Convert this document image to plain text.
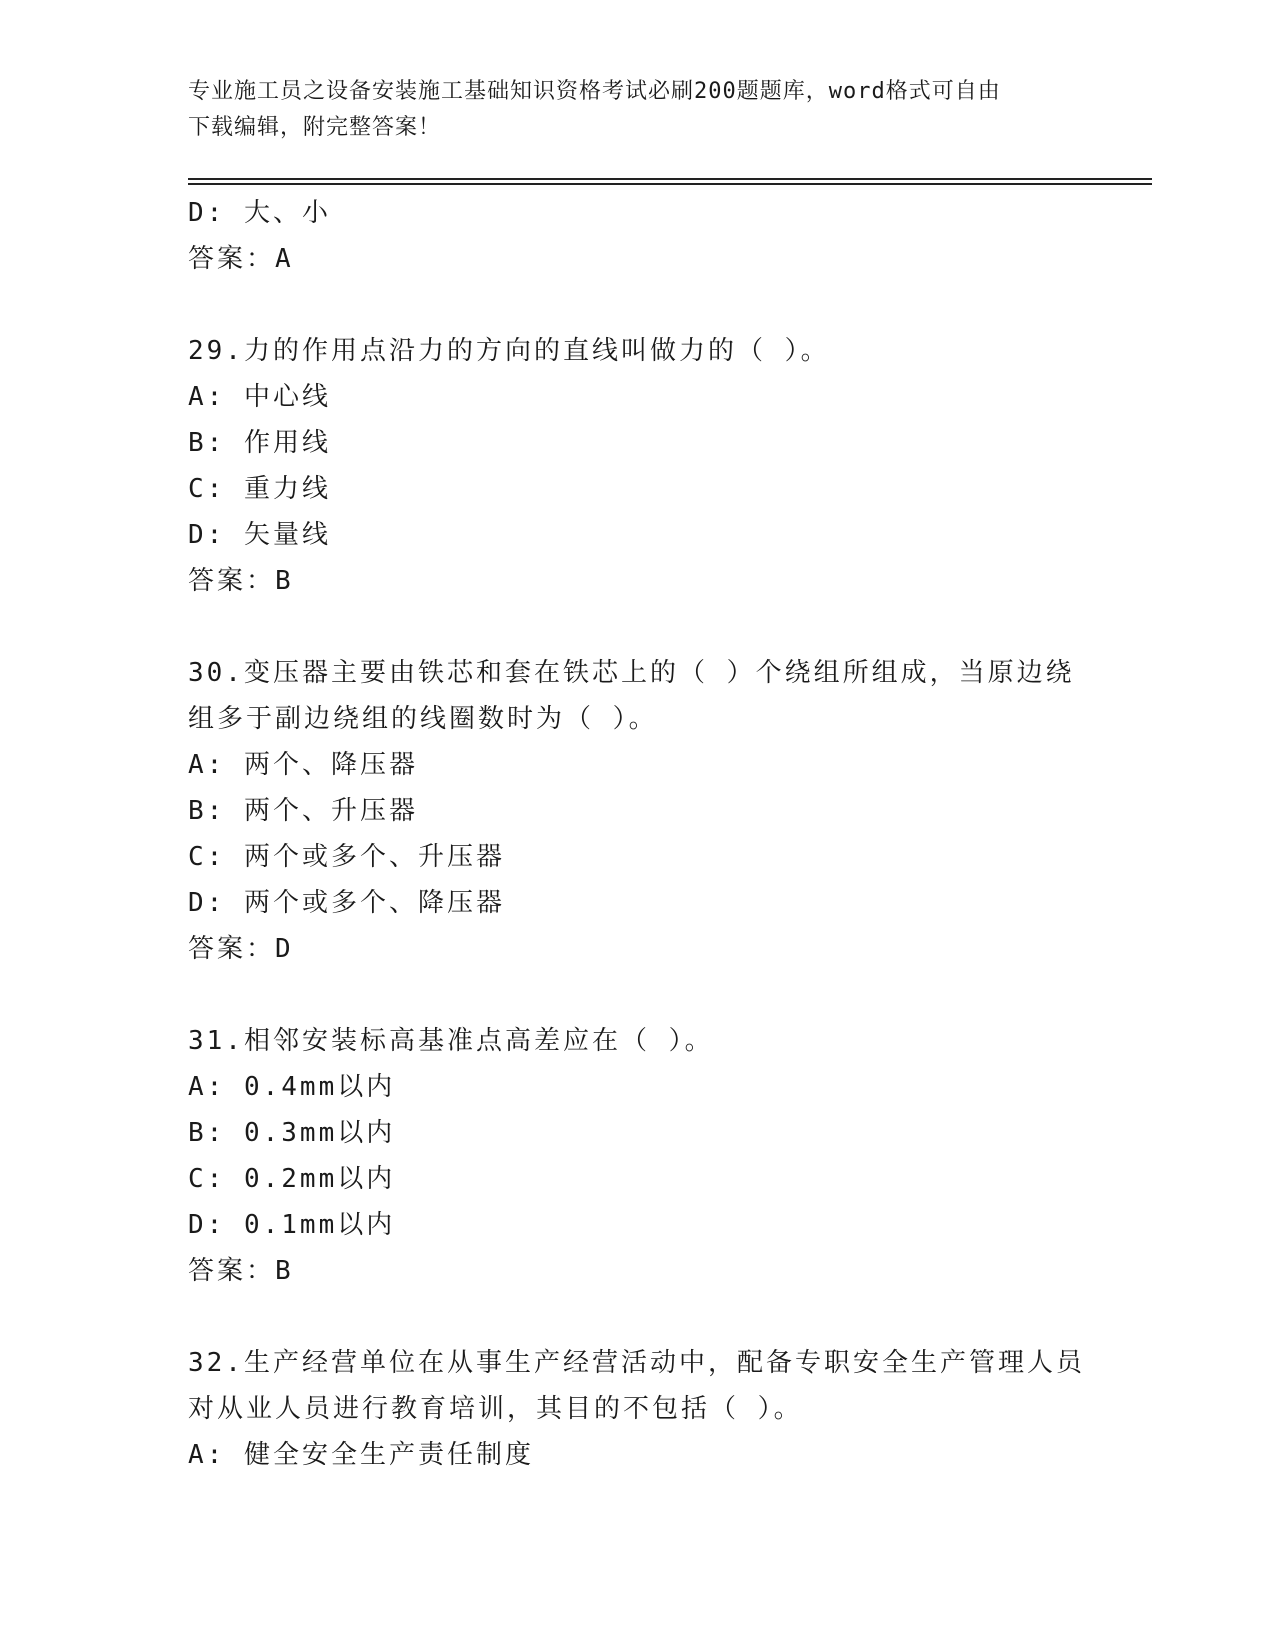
专业施工员之设备安装施工基础知识资格考试必刷200题题库，word格式可自由
下载编辑，附完整答案！
D: 大、小
答案：A
29.力的作用点沿力的方向的直线叫做力的（ ）。
A: 中心线
B: 作用线
C: 重力线
D: 矢量线
答案：B
30.变压器主要由铁芯和套在铁芯上的（ ）个绕组所组成，当原边绕
组多于副边绕组的线圈数时为（ ）。
A: 两个、降压器
B: 两个、升压器
C: 两个或多个、升压器
D: 两个或多个、降压器
答案：D
31.相邻安装标高基准点高差应在（ ）。
A: 0.4mm以内
B: 0.3mm以内
C: 0.2mm以内
D: 0.1mm以内
答案：B
32.生产经营单位在从事生产经营活动中，配备专职安全生产管理人员
对从业人员进行教育培训，其目的不包括（ ）。
A: 健全安全生产责任制度
